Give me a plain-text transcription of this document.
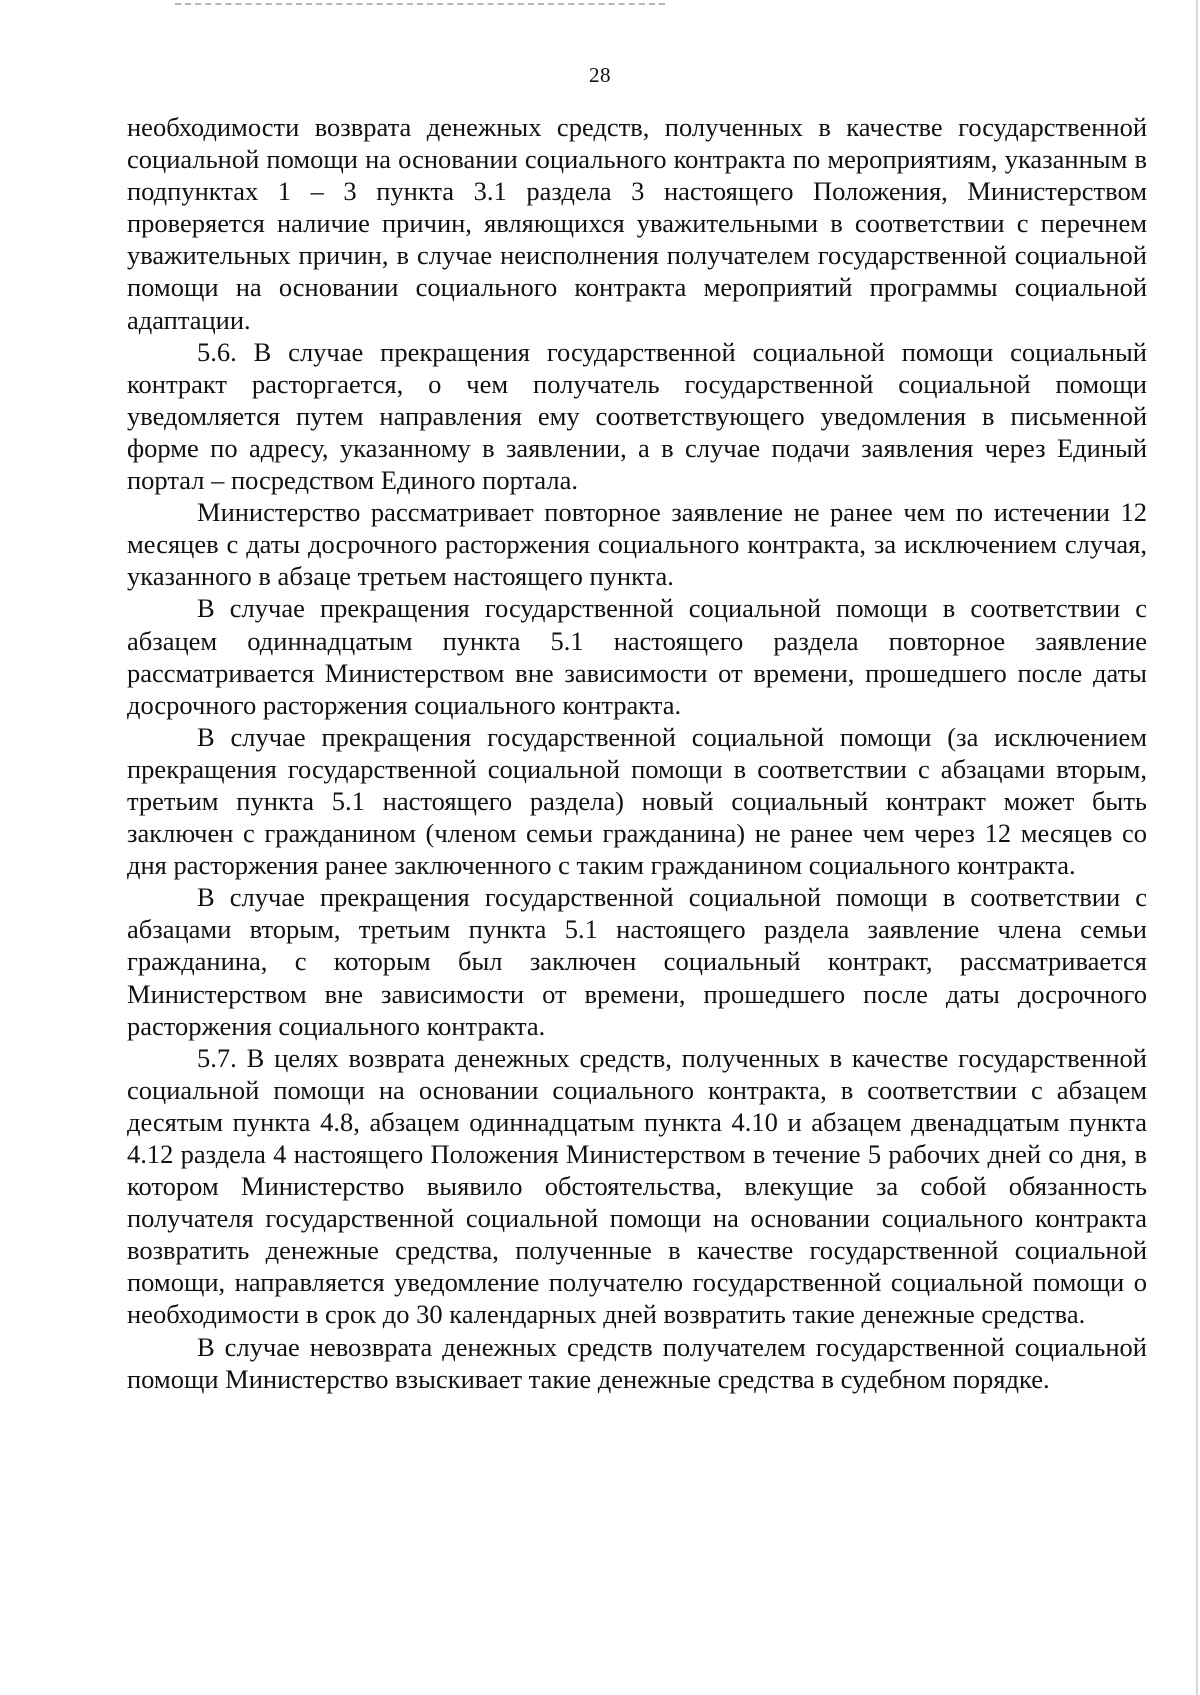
28

необходимости возврата денежных средств, полученных в качестве государственной социальной помощи на основании социального контракта по мероприятиям, указанным в подпунктах 1 – 3 пункта 3.1 раздела 3 настоящего Положения, Министерством проверяется наличие причин, являющихся уважительными в соответствии с перечнем уважительных причин, в случае неисполнения получателем государственной социальной помощи на основании социального контракта мероприятий программы социальной адаптации.

5.6. В случае прекращения государственной социальной помощи социальный контракт расторгается, о чем получатель государственной социальной помощи уведомляется путем направления ему соответствующего уведомления в письменной форме по адресу, указанному в заявлении, а в случае подачи заявления через Единый портал – посредством Единого портала.

Министерство рассматривает повторное заявление не ранее чем по истечении 12 месяцев с даты досрочного расторжения социального контракта, за исключением случая, указанного в абзаце третьем настоящего пункта.

В случае прекращения государственной социальной помощи в соответствии с абзацем одиннадцатым пункта 5.1 настоящего раздела повторное заявление рассматривается Министерством вне зависимости от времени, прошедшего после даты досрочного расторжения социального контракта.

В случае прекращения государственной социальной помощи (за исключением прекращения государственной социальной помощи в соответствии с абзацами вторым, третьим пункта 5.1 настоящего раздела) новый социальный контракт может быть заключен с гражданином (членом семьи гражданина) не ранее чем через 12 месяцев со дня расторжения ранее заключенного с таким гражданином социального контракта.

В случае прекращения государственной социальной помощи в соответствии с абзацами вторым, третьим пункта 5.1 настоящего раздела заявление члена семьи гражданина, с которым был заключен социальный контракт, рассматривается Министерством вне зависимости от времени, прошедшего после даты досрочного расторжения социального контракта.

5.7. В целях возврата денежных средств, полученных в качестве государственной социальной помощи на основании социального контракта, в соответствии с абзацем десятым пункта 4.8, абзацем одиннадцатым пункта 4.10 и абзацем двенадцатым пункта 4.12 раздела 4 настоящего Положения Министерством в течение 5 рабочих дней со дня, в котором Министерство выявило обстоятельства, влекущие за собой обязанность получателя государственной социальной помощи на основании социального контракта возвратить денежные средства, полученные в качестве государственной социальной помощи, направляется уведомление получателю государственной социальной помощи о необходимости в срок до 30 календарных дней возвратить такие денежные средства.

В случае невозврата денежных средств получателем государственной социальной помощи Министерство взыскивает такие денежные средства в судебном порядке.
